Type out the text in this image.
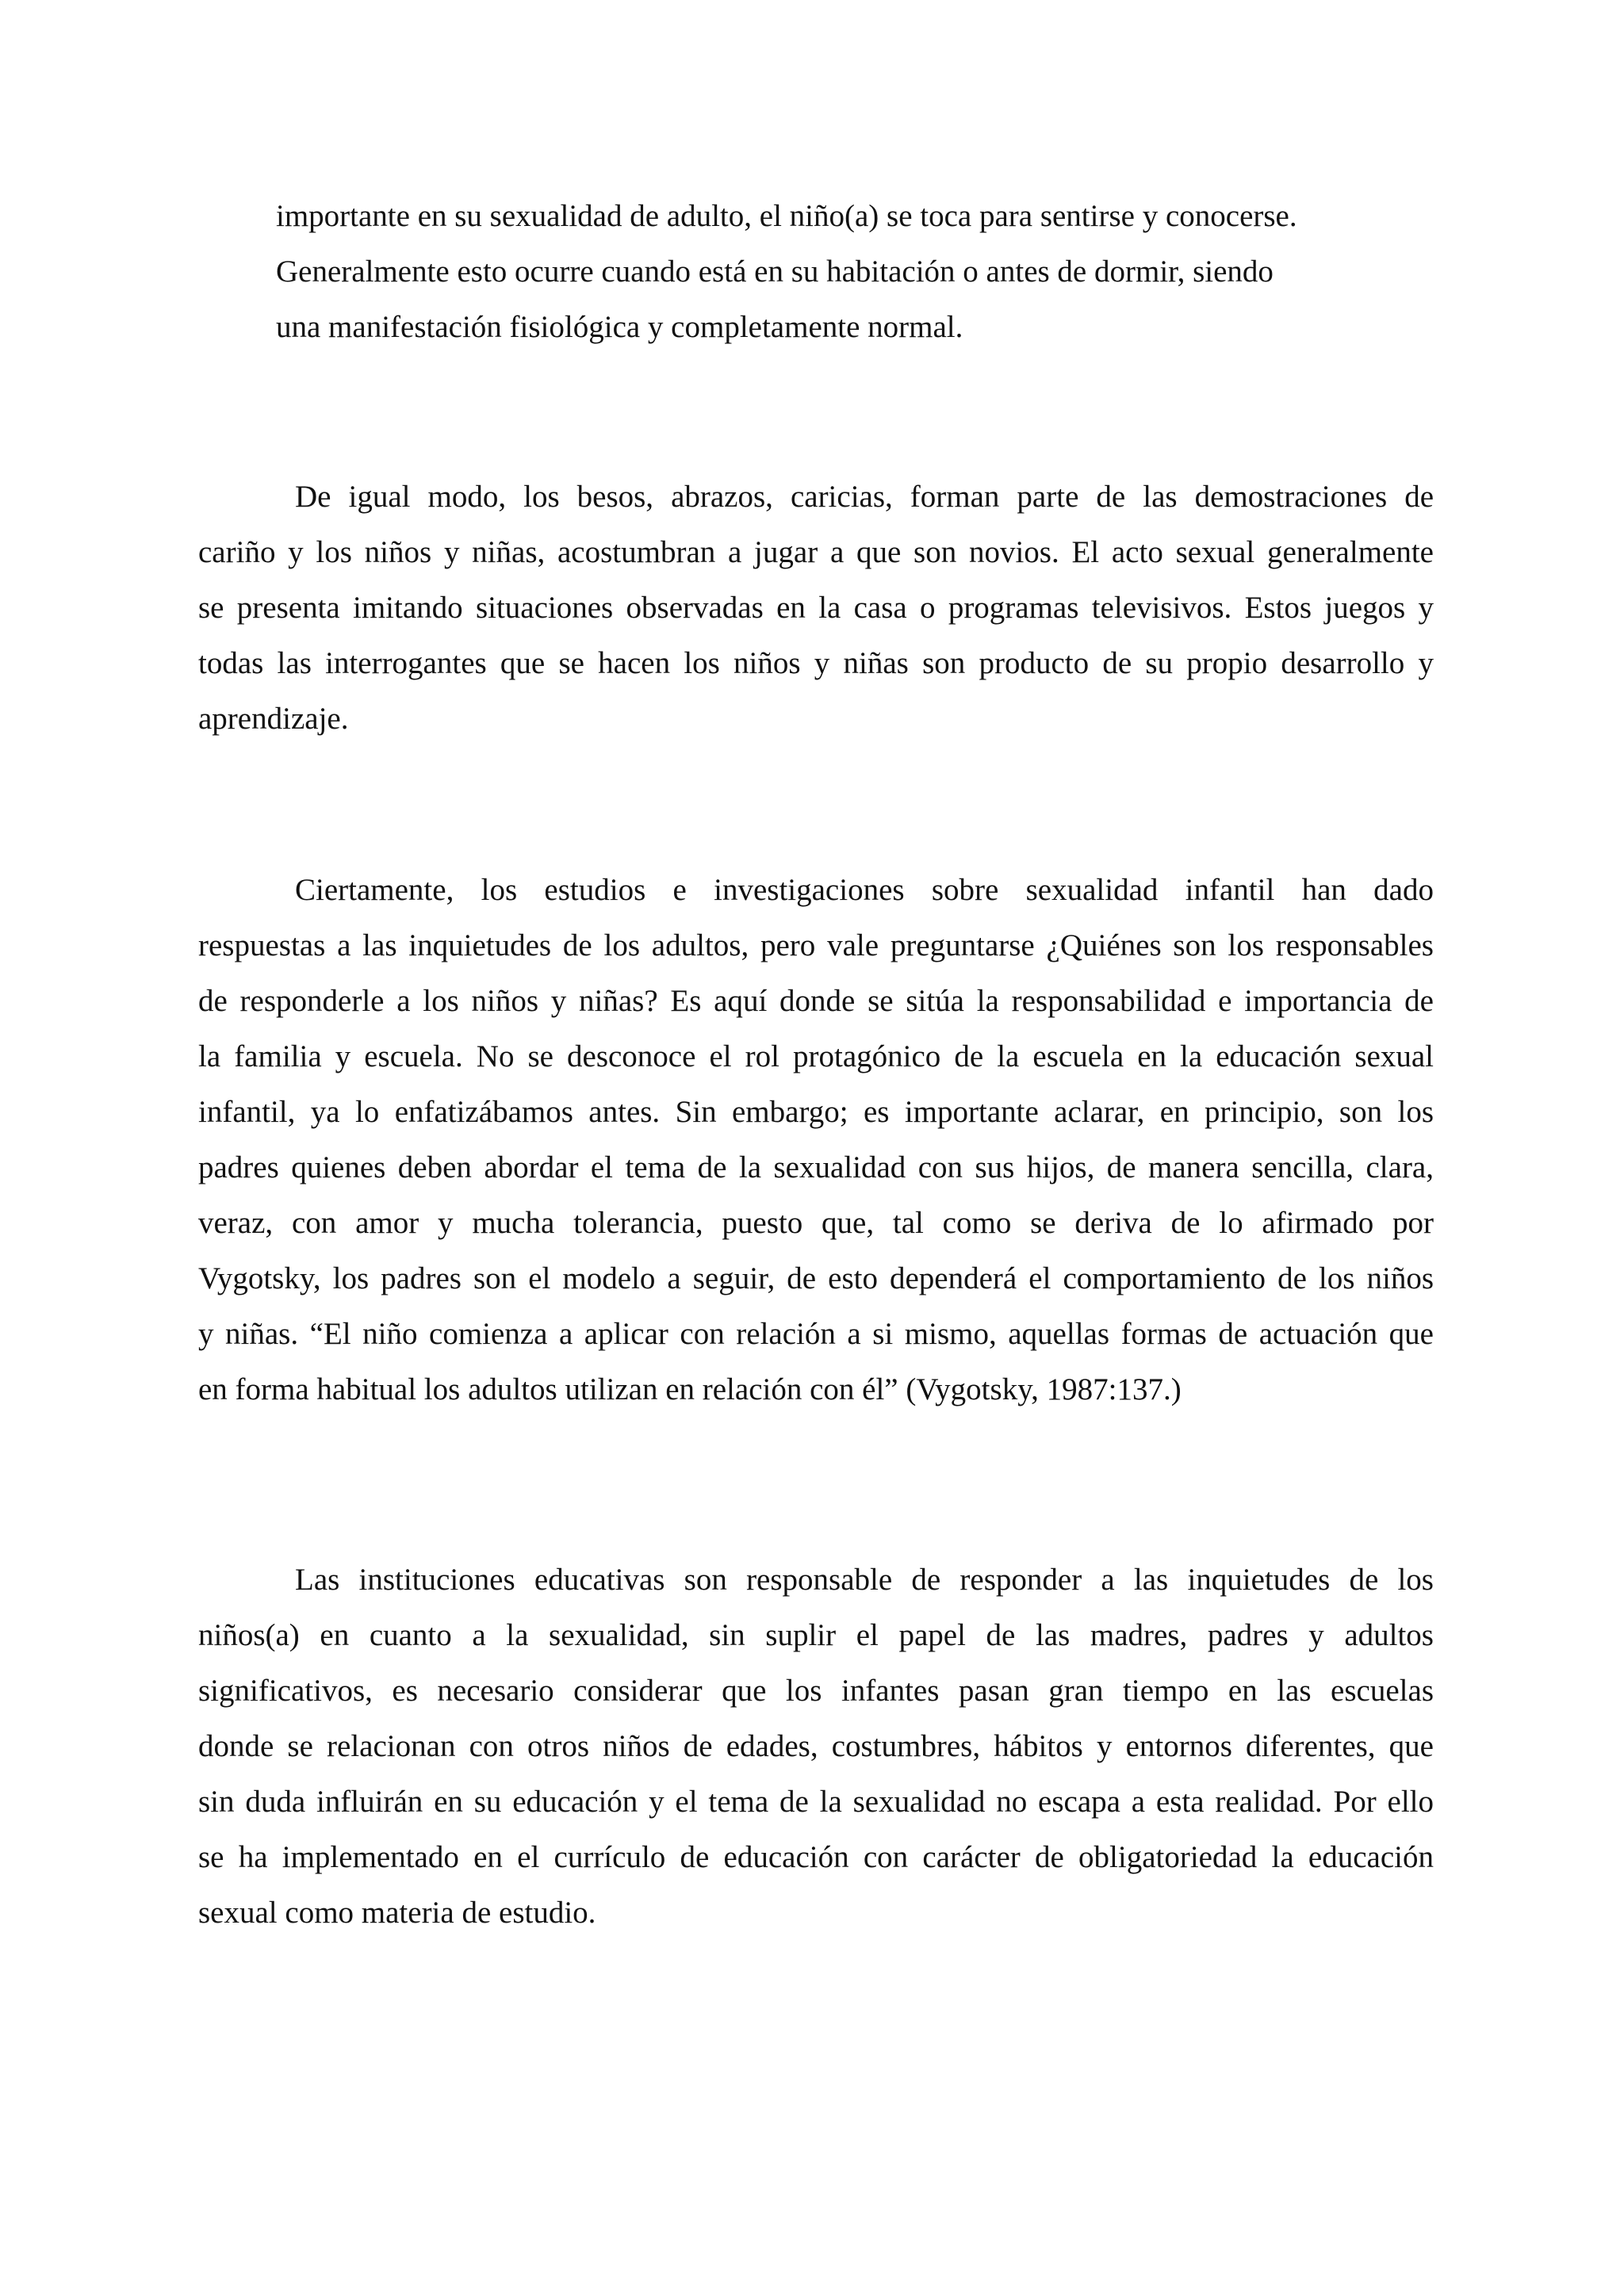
importante en su sexualidad de adulto, el niño(a) se toca para sentirse y conocerse.
Generalmente esto ocurre cuando está en su habitación o antes de dormir, siendo
una manifestación fisiológica y completamente normal.
De igual modo, los besos, abrazos, caricias, forman parte de las demostraciones de
cariño y los niños y niñas, acostumbran a jugar a que son novios. El acto sexual generalmente
se presenta imitando situaciones observadas en la casa o programas televisivos. Estos juegos y
todas las interrogantes que se hacen los niños y niñas son producto de su propio desarrollo y
aprendizaje.
Ciertamente, los estudios e investigaciones sobre sexualidad infantil han dado
respuestas a las inquietudes de los adultos, pero vale preguntarse ¿Quiénes son los responsables
de responderle a los niños y niñas? Es aquí donde se sitúa la responsabilidad e importancia de
la familia y escuela. No se desconoce el rol protagónico de la escuela en la educación sexual
infantil, ya lo enfatizábamos antes. Sin embargo; es importante aclarar, en principio, son los
padres quienes deben abordar el tema de la sexualidad con sus hijos, de manera sencilla, clara,
veraz, con amor y mucha tolerancia, puesto que, tal como se deriva de lo afirmado por
Vygotsky, los padres son el modelo a seguir, de esto dependerá el comportamiento de los niños
y niñas. “El niño comienza a aplicar con relación a si mismo, aquellas formas de actuación que
en forma habitual los adultos utilizan en relación con él” (Vygotsky, 1987:137.)
Las instituciones educativas son responsable de responder a las inquietudes de los
niños(a) en cuanto a la sexualidad, sin suplir el papel de las madres, padres y adultos
significativos, es necesario considerar que los infantes pasan gran tiempo en las escuelas
donde se relacionan con otros niños de edades, costumbres, hábitos y entornos diferentes, que
sin duda influirán en su educación y el tema de la sexualidad no escapa a esta realidad. Por ello
se ha implementado en el currículo de educación con carácter de obligatoriedad la educación
sexual como materia de estudio.
